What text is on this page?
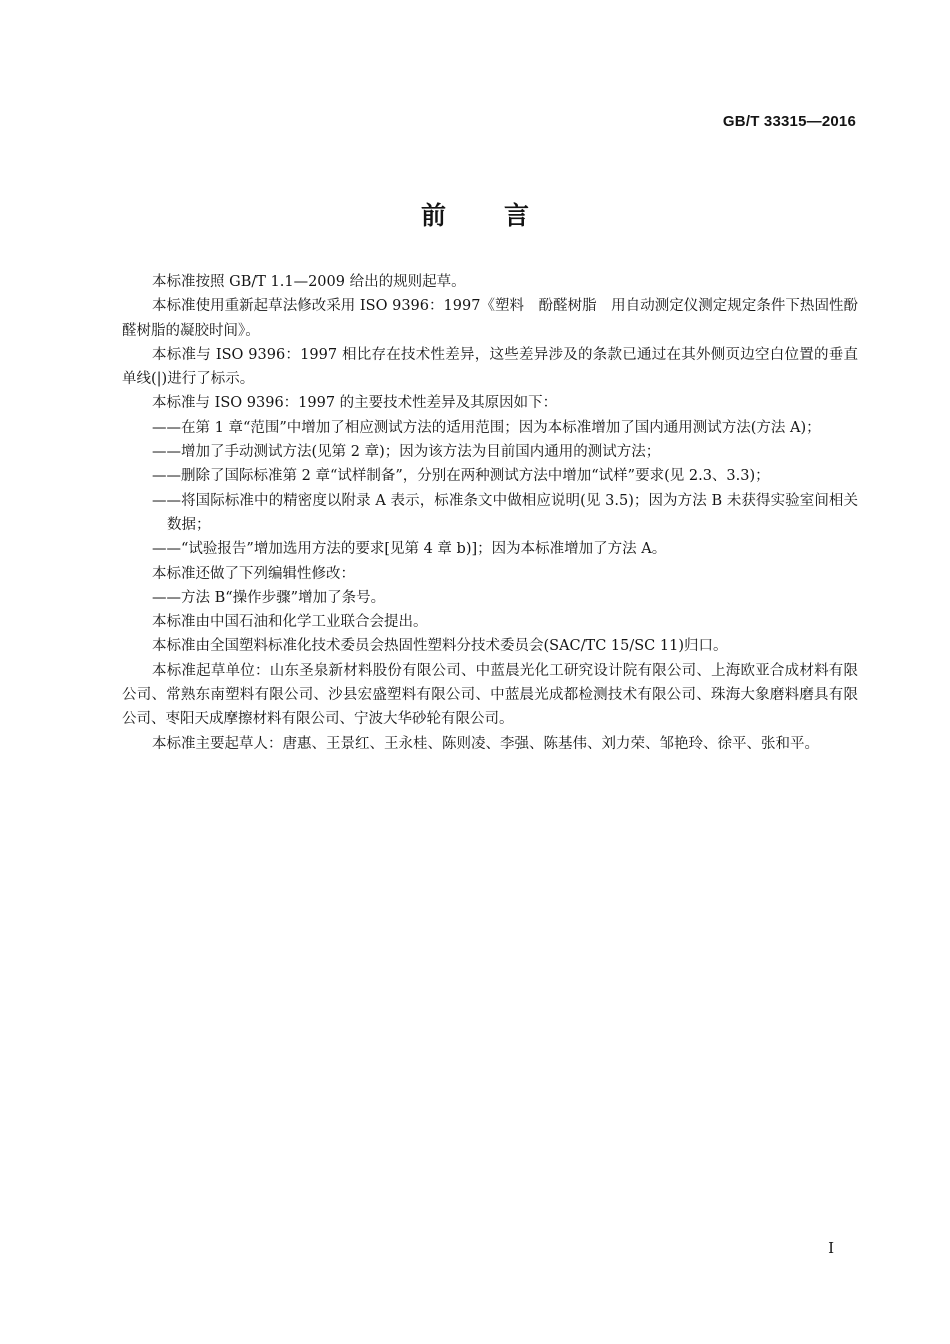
GB/T 33315—2016
前言

本标准按照 GB/T 1.1—2009 给出的规则起草。

本标准使用重新起草法修改采用 ISO 9396：1997《塑料　酚醛树脂　用自动测定仪测定规定条件下热固性酚醛树脂的凝胶时间》。

本标准与 ISO 9396：1997 相比存在技术性差异，这些差异涉及的条款已通过在其外侧页边空白位置的垂直单线(|)进行了标示。

本标准与 ISO 9396：1997 的主要技术性差异及其原因如下：

——在第 1 章“范围”中增加了相应测试方法的适用范围；因为本标准增加了国内通用测试方法(方法 A)；

——增加了手动测试方法(见第 2 章)；因为该方法为目前国内通用的测试方法；

——删除了国际标准第 2 章“试样制备”，分别在两种测试方法中增加“试样”要求(见 2.3、3.3)；

——将国际标准中的精密度以附录 A 表示，标准条文中做相应说明(见 3.5)；因为方法 B 未获得实验室间相关数据；

——“试验报告”增加选用方法的要求[见第 4 章 b)]；因为本标准增加了方法 A。

本标准还做了下列编辑性修改：

——方法 B“操作步骤”增加了条号。

本标准由中国石油和化学工业联合会提出。

本标准由全国塑料标准化技术委员会热固性塑料分技术委员会(SAC/TC 15/SC 11)归口。

本标准起草单位：山东圣泉新材料股份有限公司、中蓝晨光化工研究设计院有限公司、上海欧亚合成材料有限公司、常熟东南塑料有限公司、沙县宏盛塑料有限公司、中蓝晨光成都检测技术有限公司、珠海大象磨料磨具有限公司、枣阳天成摩擦材料有限公司、宁波大华砂轮有限公司。

本标准主要起草人：唐惠、王景红、王永桂、陈则凌、李强、陈基伟、刘力荣、邹艳玲、徐平、张和平。

I
